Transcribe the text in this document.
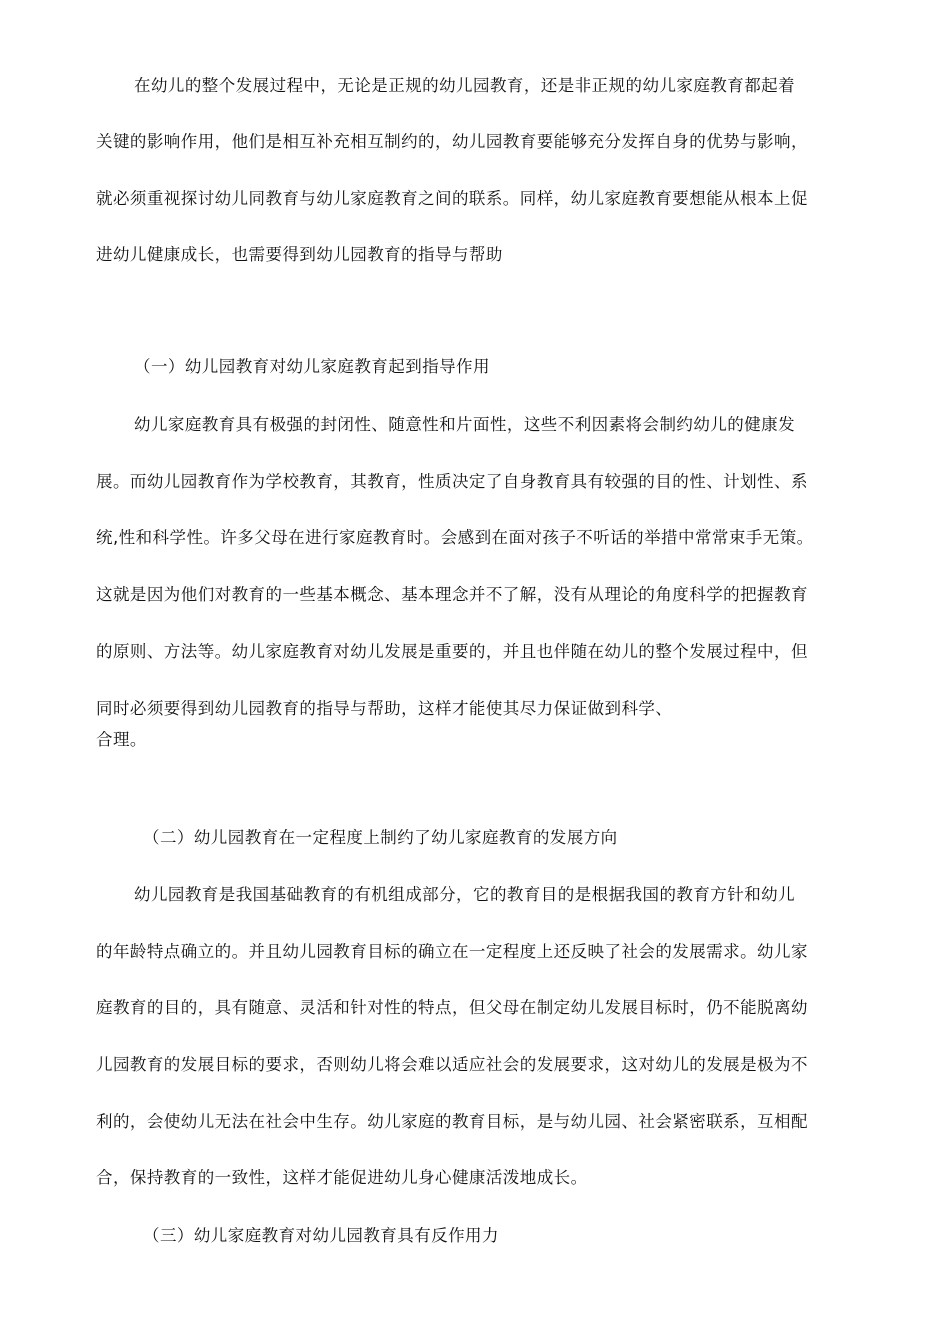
在幼儿的整个发展过程中，无论是正规的幼儿园教育，还是非正规的幼儿家庭教育都起着

关键的影响作用，他们是相互补充相互制约的，幼儿园教育要能够充分发挥自身的优势与影响，

就必须重视探讨幼儿同教育与幼儿家庭教育之间的联系。同样，幼儿家庭教育要想能从根本上促

进幼儿健康成长，也需要得到幼儿园教育的指导与帮助

（一）幼儿园教育对幼儿家庭教育起到指导作用

幼儿家庭教育具有极强的封闭性、随意性和片面性，这些不利因素将会制约幼儿的健康发

展。而幼儿园教育作为学校教育，其教育，性质决定了自身教育具有较强的目的性、计划性、系

统,性和科学性。许多父母在进行家庭教育时。会感到在面对孩子不听话的举措中常常束手无策。

这就是因为他们对教育的一些基本概念、基本理念并不了解，没有从理论的角度科学的把握教育

的原则、方法等。幼儿家庭教育对幼儿发展是重要的，并且也伴随在幼儿的整个发展过程中，但

同时必须要得到幼儿园教育的指导与帮助，这样才能使其尽力保证做到科学、

合理。

（二）幼儿园教育在一定程度上制约了幼儿家庭教育的发展方向

幼儿园教育是我国基础教育的有机组成部分，它的教育目的是根据我国的教育方针和幼儿

的年龄特点确立的。并且幼儿园教育目标的确立在一定程度上还反映了社会的发展需求。幼儿家

庭教育的目的，具有随意、灵活和针对性的特点，但父母在制定幼儿发展目标时，仍不能脱离幼

儿园教育的发展目标的要求，否则幼儿将会难以适应社会的发展要求，这对幼儿的发展是极为不

利的，会使幼儿无法在社会中生存。幼儿家庭的教育目标，是与幼儿园、社会紧密联系，互相配

合，保持教育的一致性，这样才能促进幼儿身心健康活泼地成长。

（三）幼儿家庭教育对幼儿园教育具有反作用力
